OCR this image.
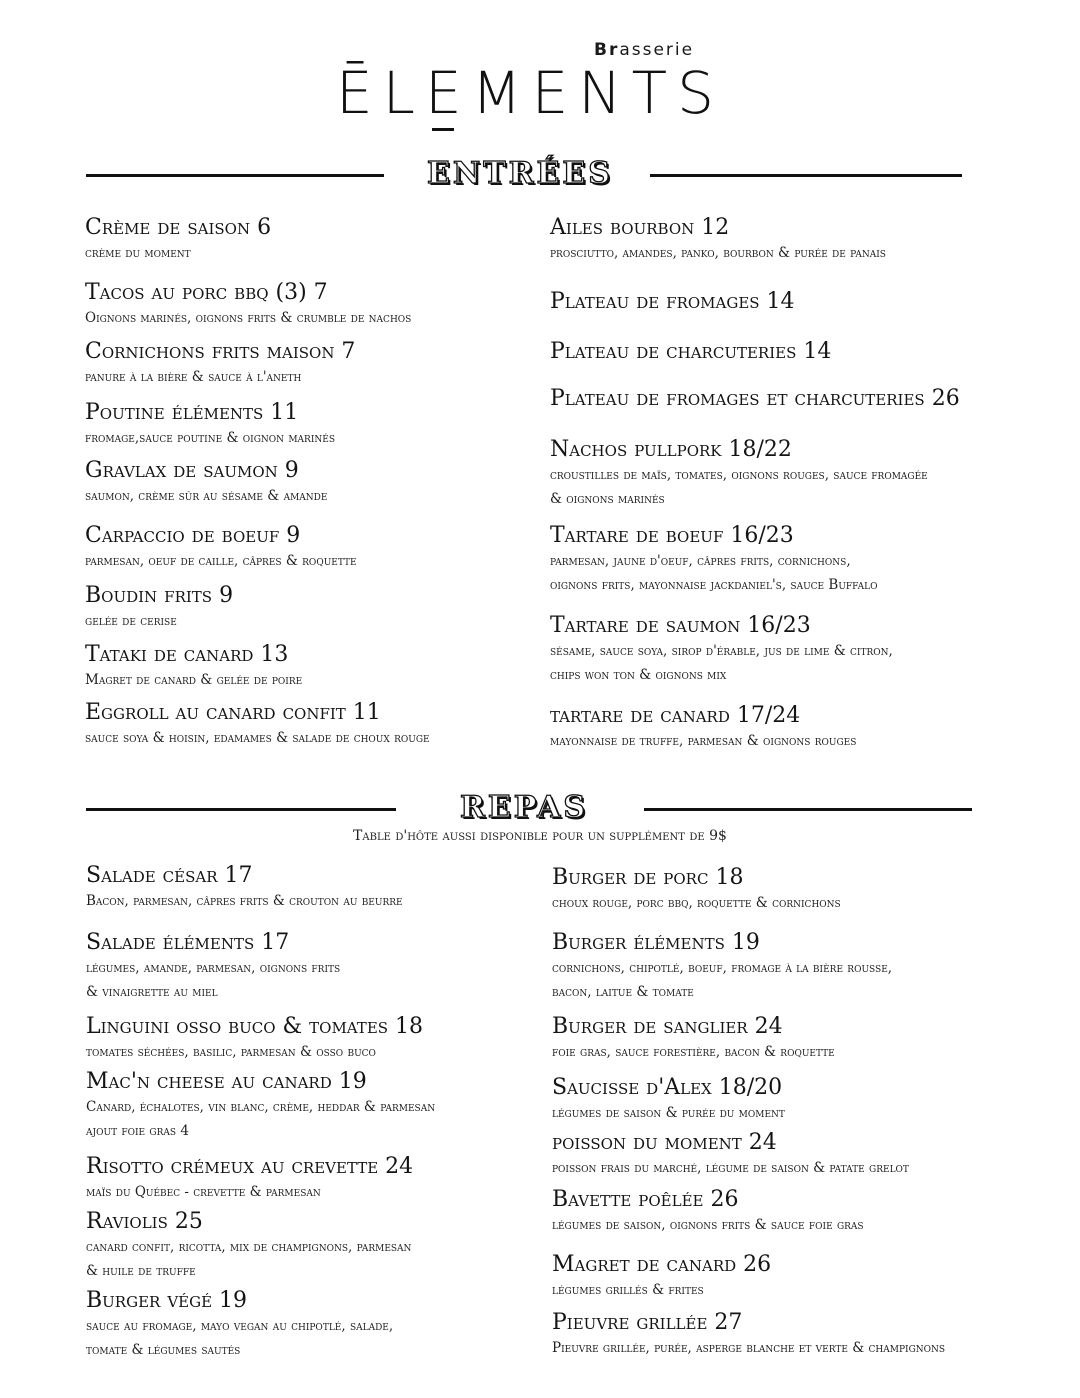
Brasserie
ĒLEMENTS
ENTRÉES
Crème de saison 6
crème du moment
Tacos au porc bbq (3) 7
Oignons marinés, oignons frits & crumble de nachos
Cornichons frits maison 7
panure à la bière & sauce à l'aneth
Poutine éléments 11
fromage,sauce poutine & oignon marinés
Gravlax de saumon 9
saumon, crème sûr au sésame & amande
Carpaccio de boeuf 9
parmesan, oeuf de caille, câpres & roquette
Boudin frits 9
gelée de cerise
Tataki de canard 13
Magret de canard & gelée de poire
Eggroll au canard confit 11
sauce soya & hoisin, edamames & salade de choux rouge
Ailes bourbon 12
prosciutto, amandes, panko, bourbon & purée de panais
Plateau de fromages 14
Plateau de charcuteries 14
Plateau de fromages et charcuteries 26
Nachos pullpork 18/22
croustilles de maïs, tomates, oignons rouges, sauce fromagée
& oignons marinés
Tartare de boeuf 16/23
parmesan, jaune d'oeuf, câpres frits, cornichons,
oignons frits, mayonnaise jackdaniel's, sauce Buffalo
Tartare de saumon 16/23
sésame, sauce soya, sirop d'érable, jus de lime & citron,
chips won ton & oignons mix
tartare de canard 17/24
mayonnaise de truffe, parmesan & oignons rouges
REPAS
Table d'hôte aussi disponible pour un supplément de 9$
Salade césar 17
Bacon, parmesan, câpres frits & crouton au beurre
Salade éléments 17
légumes, amande, parmesan, oignons frits
& vinaigrette au miel
Linguini osso buco & tomates 18
tomates séchées, basilic, parmesan & osso buco
Mac'n cheese au canard 19
Canard, échalotes, vin blanc, crème, heddar & parmesan
ajout foie gras 4
Risotto crémeux au crevette 24
maïs du Québec - crevette & parmesan
Raviolis 25
canard confit, ricotta, mix de champignons, parmesan
& huile de truffe
Burger végé 19
sauce au fromage, mayo vegan au chipotlé, salade,
tomate & légumes sautés
Burger de porc 18
choux rouge, porc bbq, roquette & cornichons
Burger éléments 19
cornichons, chipotlé, boeuf, fromage à la bière rousse,
bacon, laitue & tomate
Burger de sanglier 24
foie gras, sauce forestière, bacon & roquette
Saucisse d'Alex 18/20
légumes de saison & purée du moment
poisson du moment 24
poisson frais du marché, légume de saison & patate grelot
Bavette poêlée 26
légumes de saison, oignons frits & sauce foie gras
Magret de canard 26
légumes grillés & frites
Pieuvre grillée 27
Pieuvre grillée, purée, asperge blanche et verte & champignons
